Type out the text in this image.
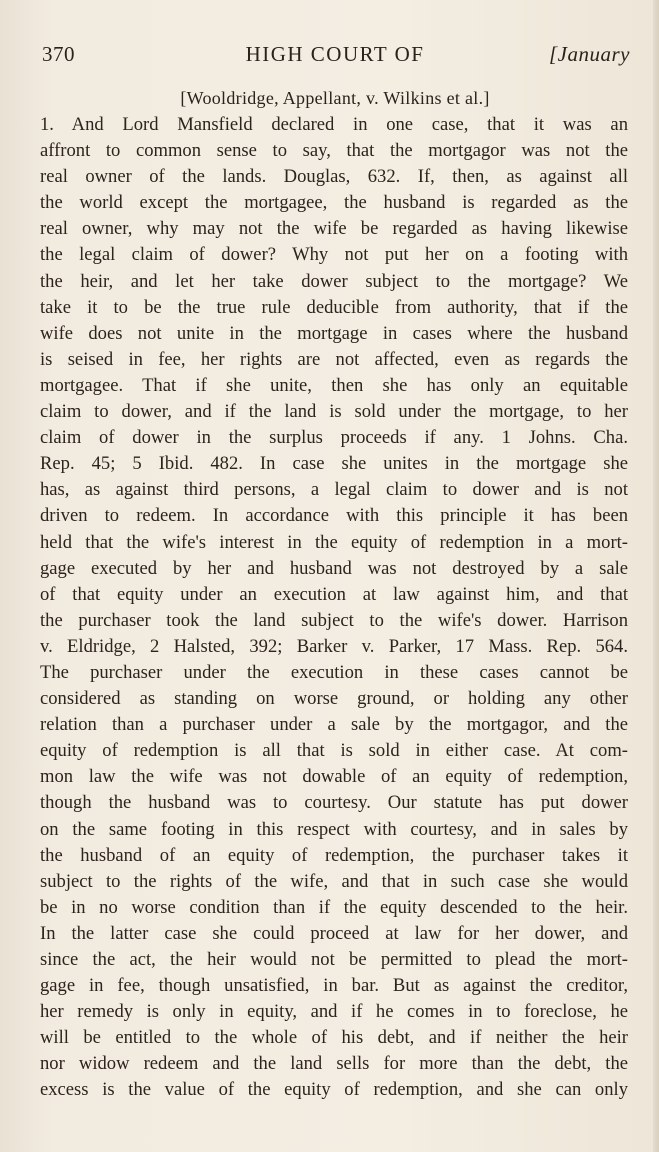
370	HIGH COURT OF	[January
[Wooldridge, Appellant, v. Wilkins et al.]
1. And Lord Mansfield declared in one case, that it was an
affront to common sense to say, that the mortgagor was not the
real owner of the lands. Douglas, 632. If, then, as against all
the world except the mortgagee, the husband is regarded as the
real owner, why may not the wife be regarded as having likewise
the legal claim of dower? Why not put her on a footing with
the heir, and let her take dower subject to the mortgage? We
take it to be the true rule deducible from authority, that if the
wife does not unite in the mortgage in cases where the husband
is seised in fee, her rights are not affected, even as regards the
mortgagee. That if she unite, then she has only an equitable
claim to dower, and if the land is sold under the mortgage, to her
claim of dower in the surplus proceeds if any. 1 Johns. Cha.
Rep. 45; 5 Ibid. 482. In case she unites in the mortgage she
has, as against third persons, a legal claim to dower and is not
driven to redeem. In accordance with this principle it has been
held that the wife's interest in the equity of redemption in a mort-
gage executed by her and husband was not destroyed by a sale
of that equity under an execution at law against him, and that
the purchaser took the land subject to the wife's dower. Harrison
v. Eldridge, 2 Halsted, 392; Barker v. Parker, 17 Mass. Rep. 564.
The purchaser under the execution in these cases cannot be
considered as standing on worse ground, or holding any other
relation than a purchaser under a sale by the mortgagor, and the
equity of redemption is all that is sold in either case. At com-
mon law the wife was not dowable of an equity of redemption,
though the husband was to courtesy. Our statute has put dower
on the same footing in this respect with courtesy, and in sales by
the husband of an equity of redemption, the purchaser takes it
subject to the rights of the wife, and that in such case she would
be in no worse condition than if the equity descended to the heir.
In the latter case she could proceed at law for her dower, and
since the act, the heir would not be permitted to plead the mort-
gage in fee, though unsatisfied, in bar. But as against the creditor,
her remedy is only in equity, and if he comes in to foreclose, he
will be entitled to the whole of his debt, and if neither the heir
nor widow redeem and the land sells for more than the debt, the
excess is the value of the equity of redemption, and she can only
